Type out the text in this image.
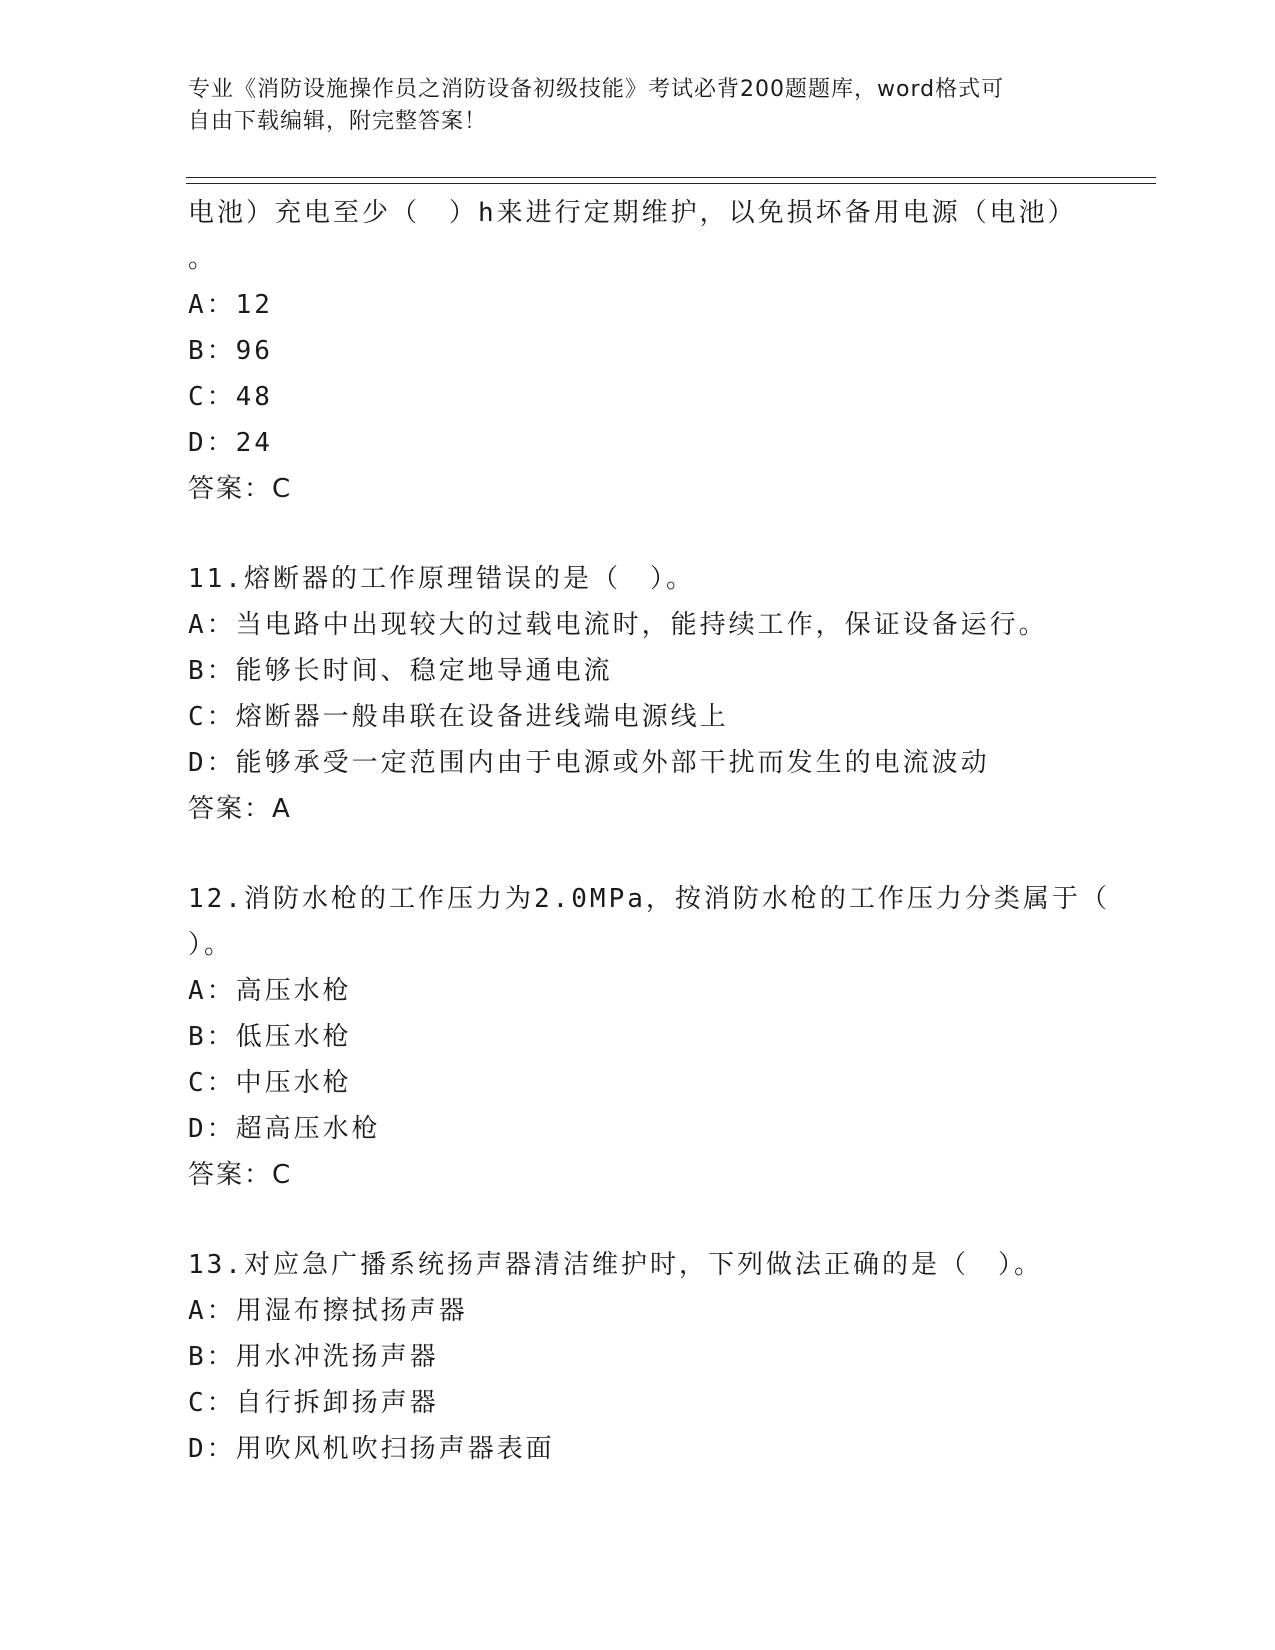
专业《消防设施操作员之消防设备初级技能》考试必背200题题库，word格式可
自由下载编辑，附完整答案！
电池）充电至少（　）h来进行定期维护，以免损坏备用电源（电池）
。
A：12
B：96
C：48
D：24
答案：C
11.熔断器的工作原理错误的是（　）。
A：当电路中出现较大的过载电流时，能持续工作，保证设备运行。
B：能够长时间、稳定地导通电流
C：熔断器一般串联在设备进线端电源线上
D：能够承受一定范围内由于电源或外部干扰而发生的电流波动
答案：A
12.消防水枪的工作压力为2.0MPa，按消防水枪的工作压力分类属于（
）。
A：高压水枪
B：低压水枪
C：中压水枪
D：超高压水枪
答案：C
13.对应急广播系统扬声器清洁维护时，下列做法正确的是（　）。
A：用湿布擦拭扬声器
B：用水冲洗扬声器
C：自行拆卸扬声器
D：用吹风机吹扫扬声器表面
